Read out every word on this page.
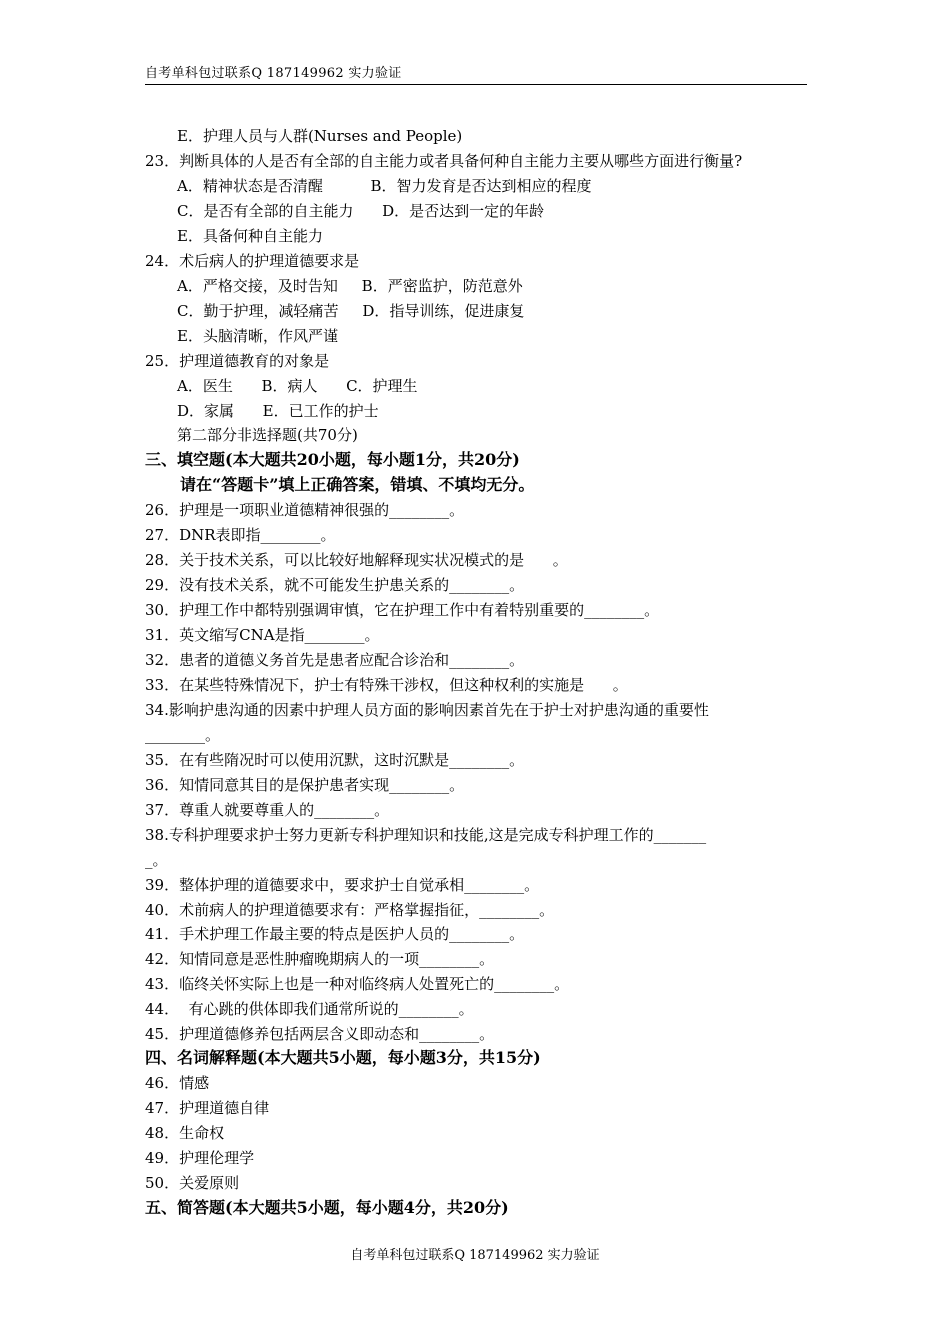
自考单科包过联系Q 187149962 实力验证
E．护理人员与人群(Nurses and People)
23．判断具体的人是否有全部的自主能力或者具备何种自主能力主要从哪些方面进行衡量?
A．精神状态是否清醒          B．智力发育是否达到相应的程度
C．是否有全部的自主能力      D．是否达到一定的年龄
E．具备何种自主能力
24．术后病人的护理道德要求是
A．严格交接，及时告知     B．严密监护，防范意外
C．勤于护理，减轻痛苦     D．指导训练，促进康复
E．头脑清晰，作风严谨
25．护理道德教育的对象是
A．医生      B．病人      C．护理生
D．家属      E．已工作的护士
第二部分非选择题(共70分)
三、填空题(本大题共20小题，每小题1分，共20分)
请在“答题卡”填上正确答案，错填、不填均无分。
26．护理是一项职业道德精神很强的________。
27．DNR表即指________。
28．关于技术关系，可以比较好地解释现实状况模式的是      。
29．没有技术关系，就不可能发生护患关系的________。
30．护理工作中都特别强调审慎，它在护理工作中有着特别重要的________。
31．英文缩写CNA是指________。
32．患者的道德义务首先是患者应配合诊治和________。
33．在某些特殊情况下，护士有特殊干涉权，但这种权利的实施是      。
34.影响护患沟通的因素中护理人员方面的影响因素首先在于护士对护患沟通的重要性
________。
35．在有些隋况时可以使用沉默，这时沉默是________。
36．知情同意其目的是保护患者实现________。
37．尊重人就要尊重人的________。
38.专科护理要求护士努力更新专科护理知识和技能,这是完成专科护理工作的_______
_。
39．整体护理的道德要求中，要求护士自觉承相________。
40．术前病人的护理道德要求有：严格掌握指征，________。
41．手术护理工作最主要的特点是医护人员的________。
42．知情同意是恶性肿瘤晚期病人的一项________。
43．临终关怀实际上也是一种对临终病人处置死亡的________。
44．  有心跳的供体即我们通常所说的________。
45．护理道德修养包括两层含义即动态和________。
四、名词解释题(本大题共5小题，每小题3分，共15分)
46．情感
47．护理道德自律
48．生命权
49．护理伦理学
50．关爱原则
五、简答题(本大题共5小题，每小题4分，共20分)
自考单科包过联系Q 187149962 实力验证
